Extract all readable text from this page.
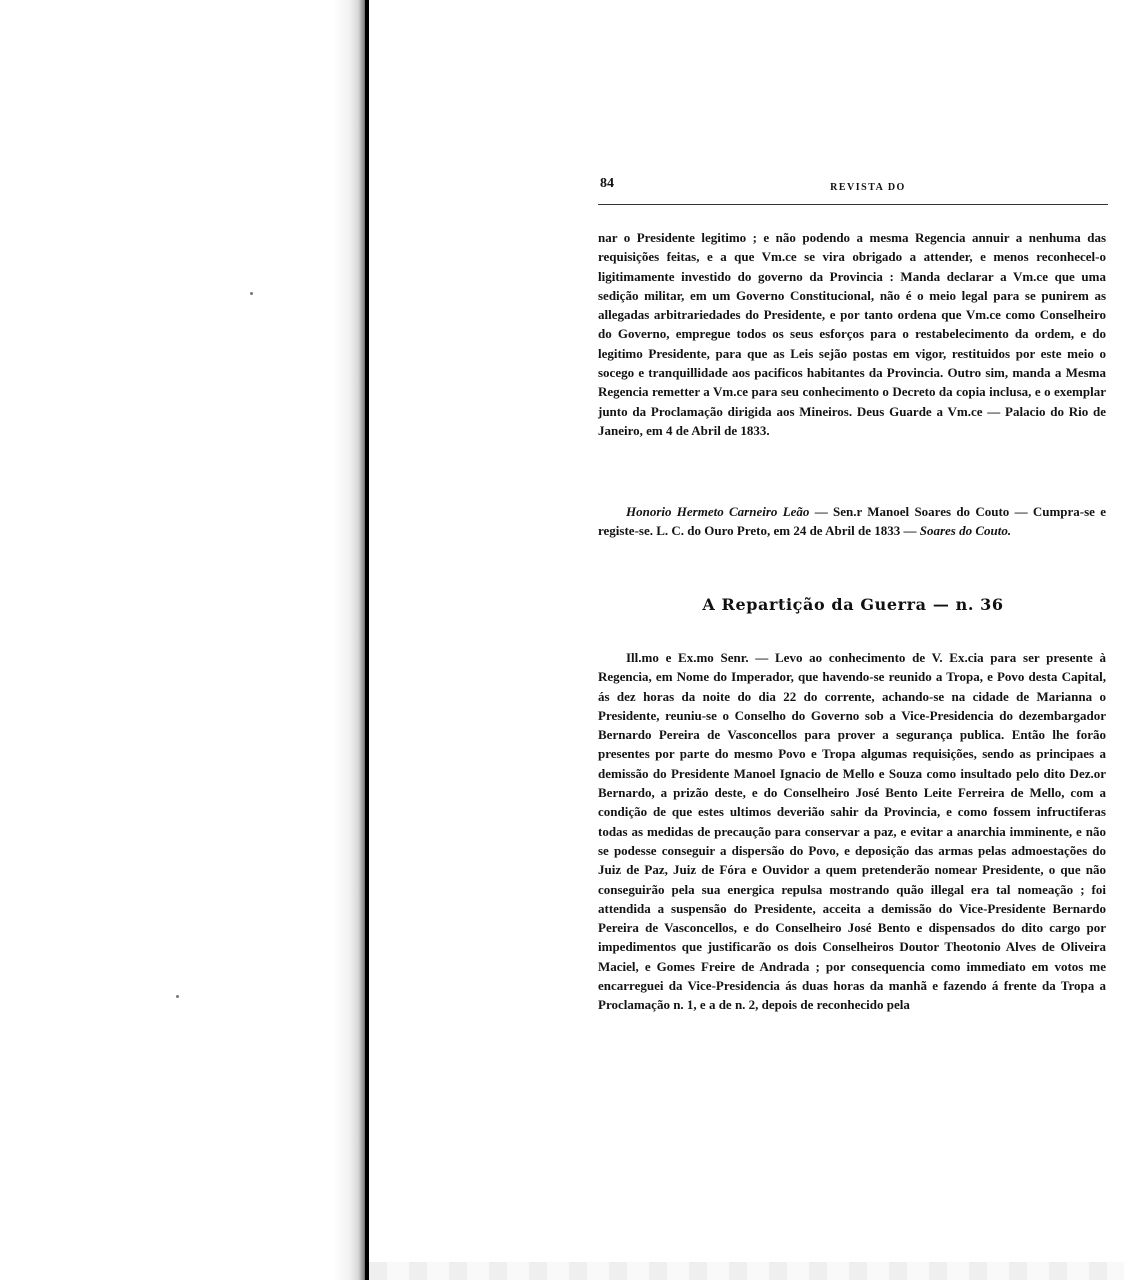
84	REVISTA DO
nar o Presidente legitimo ; e não podendo a mesma Regencia annuir a nenhuma das requisições feitas, e a que Vm.ce se vira obrigado a attender, e menos reconhecel-o ligitimamente investido do governo da Provincia : Manda declarar a Vm.ce que uma sedição militar, em um Governo Constitucional, não é o meio legal para se punirem as allegadas arbitrariedades do Presidente, e por tanto ordena que Vm.ce como Conselheiro do Governo, empregue todos os seus esforços para o restabelecimento da ordem, e do legitimo Presidente, para que as Leis sejão postas em vigor, restituidos por este meio o socego e tranquillidade aos pacificos habitantes da Provincia. Outro sim, manda a Mesma Regencia remetter a Vm.ce para seu conhecimento o Decreto da copia inclusa, e o exemplar junto da Proclamação dirigida aos Mineiros. Deus Guarde a Vm.ce — Palacio do Rio de Janeiro, em 4 de Abril de 1833.
Honorio Hermeto Carneiro Leão — Sen.r Manoel Soares do Couto — Cumpra-se e registe-se. L. C. do Ouro Preto, em 24 de Abril de 1833 — Soares do Couto.
A Repartição da Guerra — n. 36
Ill.mo e Ex.mo Senr. — Levo ao conhecimento de V. Ex.cia para ser presente à Regencia, em Nome do Imperador, que havendo-se reunido a Tropa, e Povo desta Capital, ás dez horas da noite do dia 22 do corrente, achando-se na cidade de Marianna o Presidente, reuniu-se o Conselho do Governo sob a Vice-Presidencia do dezembargador Bernardo Pereira de Vasconcellos para prover a segurança publica. Então lhe forão presentes por parte do mesmo Povo e Tropa algumas requisições, sendo as principaes a demissão do Presidente Manoel Ignacio de Mello e Souza como insultado pelo dito Dez.or Bernardo, a prizão deste, e do Conselheiro José Bento Leite Ferreira de Mello, com a condição de que estes ultimos deverião sahir da Provincia, e como fossem infructiferas todas as medidas de precaução para conservar a paz, e evitar a anarchia imminente, e não se podesse conseguir a dispersão do Povo, e deposição das armas pelas admoestações do Juiz de Paz, Juiz de Fóra e Ouvidor a quem pretenderão nomear Presidente, o que não conseguirão pela sua energica repulsa mostrando quão illegal era tal nomeação ; foi attendida a suspensão do Presidente, acceita a demissão do Vice-Presidente Bernardo Pereira de Vasconcellos, e do Conselheiro José Bento e dispensados do dito cargo por impedimentos que justificarão os dois Conselheiros Doutor Theotonio Alves de Oliveira Maciel, e Gomes Freire de Andrada ; por consequencia como immediato em votos me encarreguei da Vice-Presidencia ás duas horas da manhã e fazendo á frente da Tropa a Proclamação n. 1, e a de n. 2, depois de reconhecido pela
